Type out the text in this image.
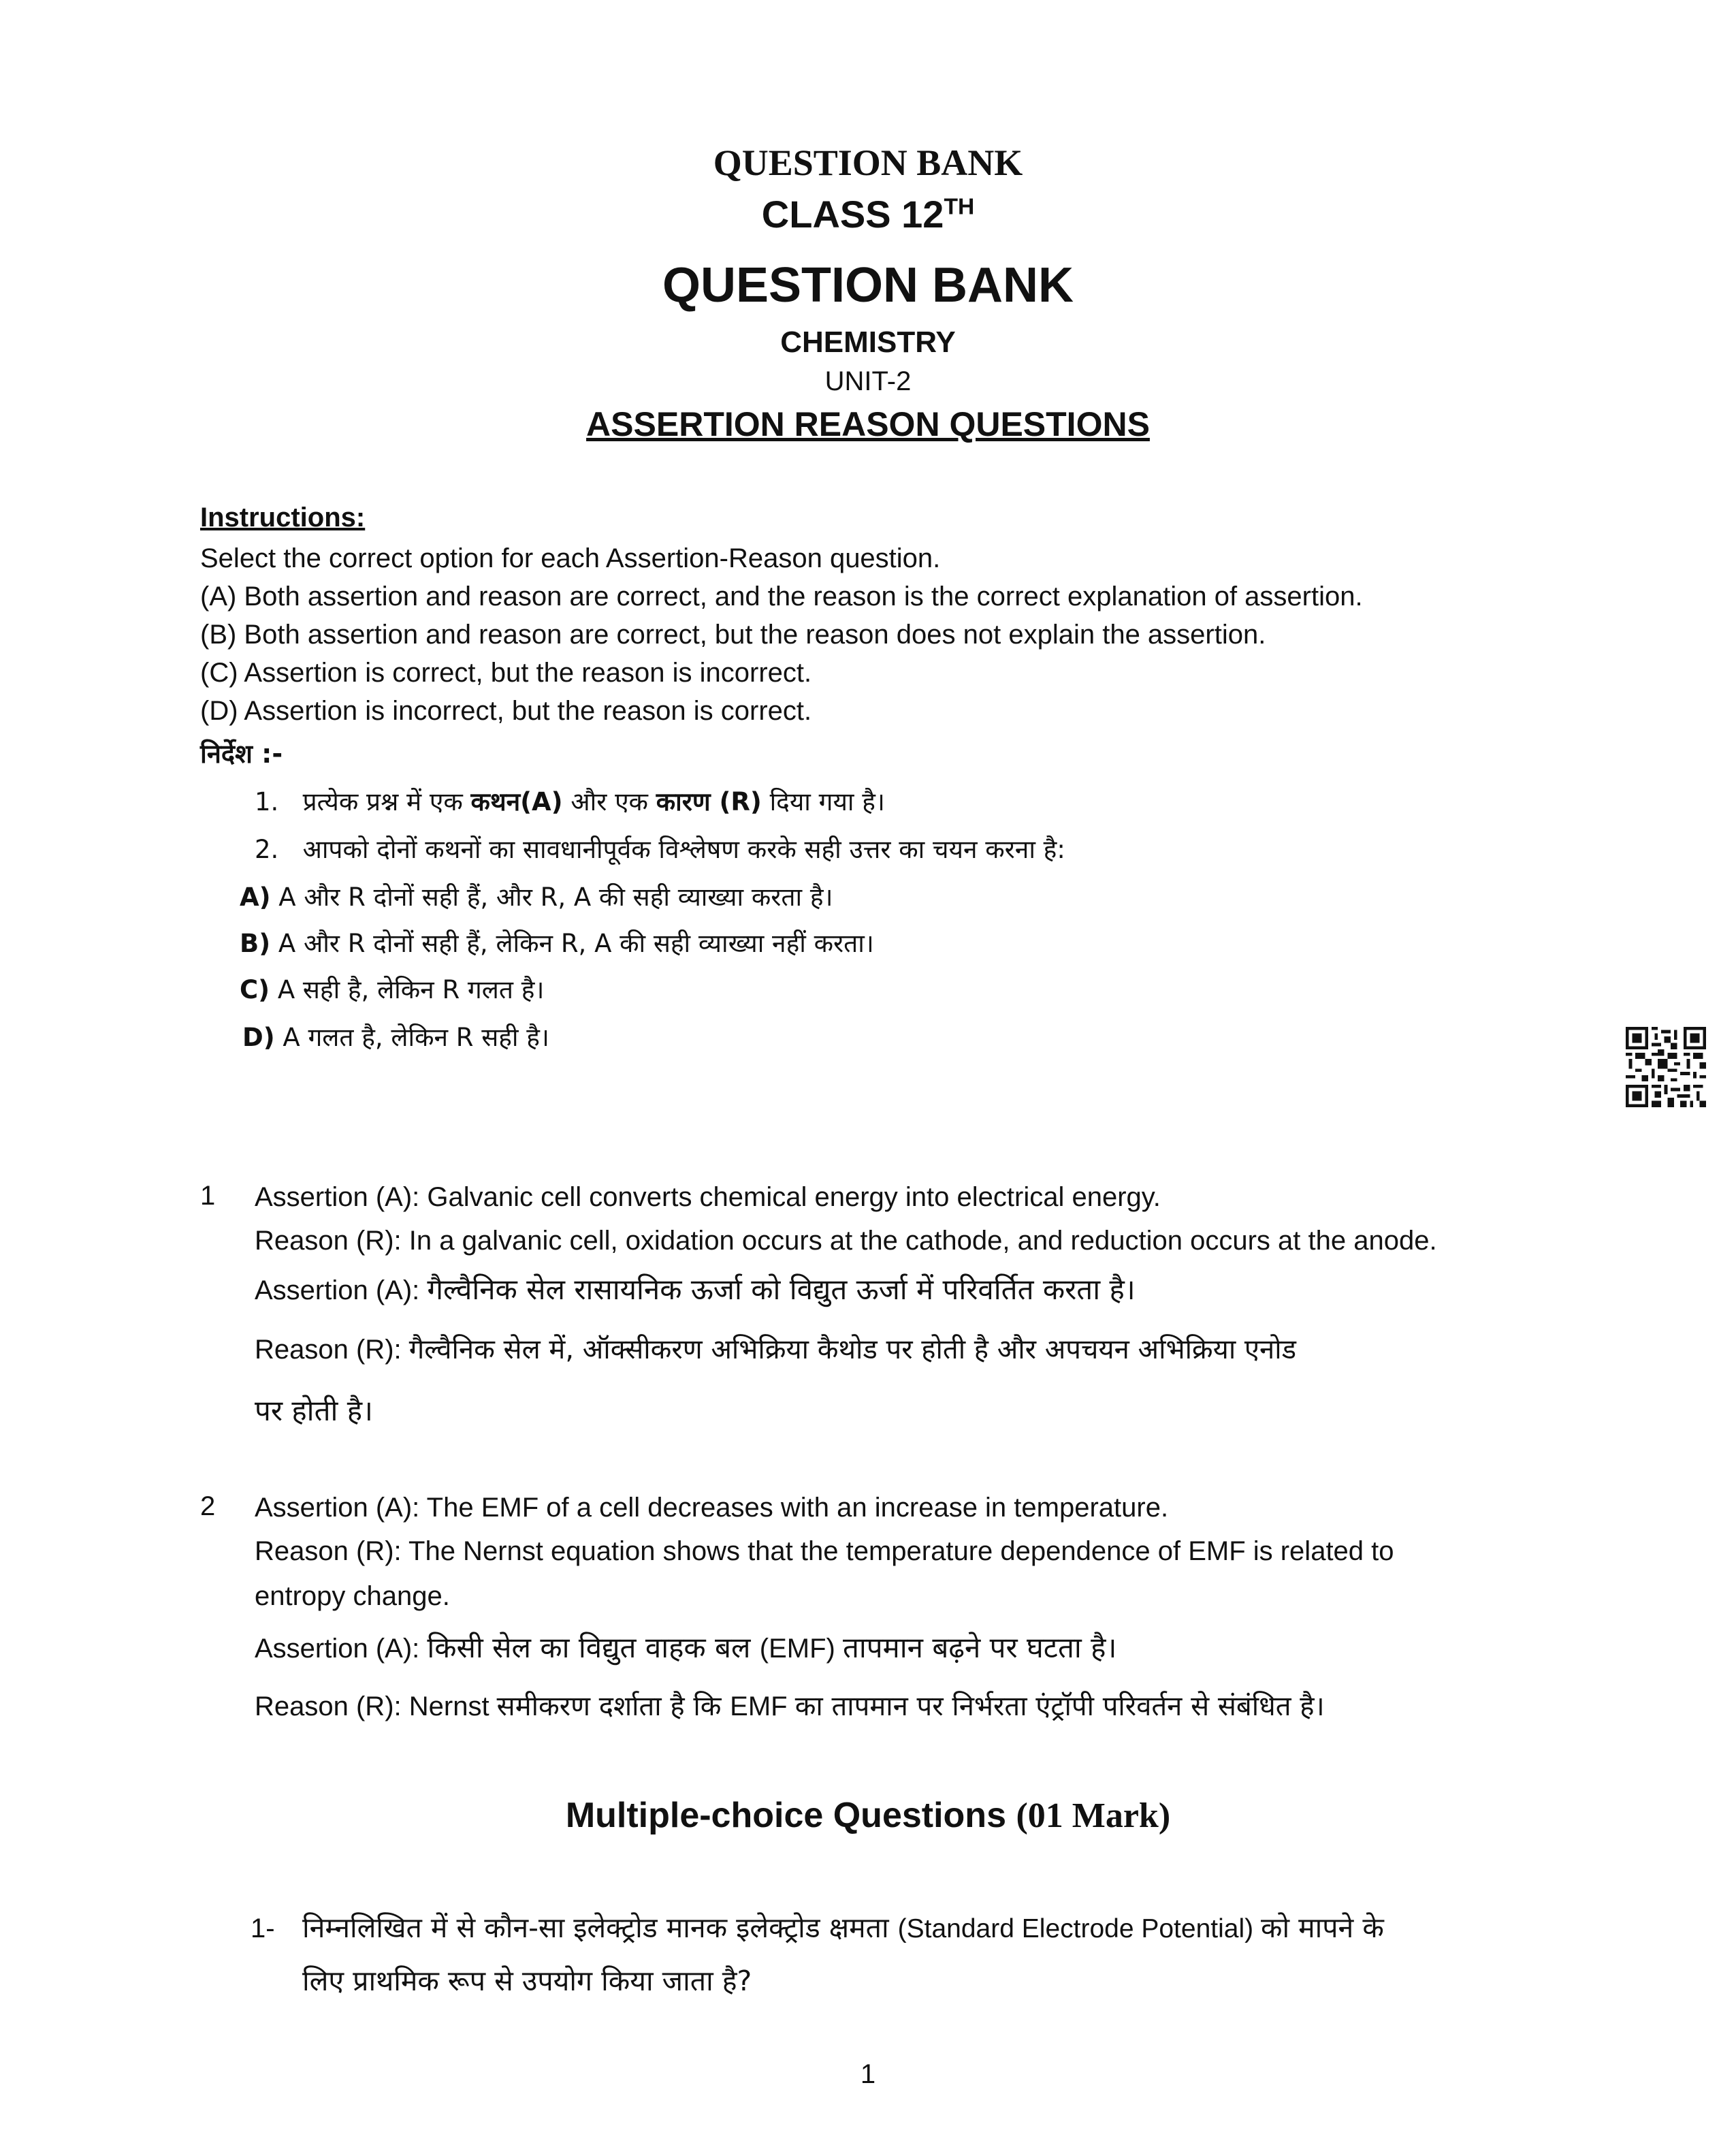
QUESTION BANK
CLASS 12TH
QUESTION BANK
CHEMISTRY
UNIT-2
ASSERTION REASON QUESTIONS
Instructions:
Select the correct option for each Assertion-Reason question.
(A) Both assertion and reason are correct, and the reason is the correct explanation of assertion.
(B) Both assertion and reason are correct, but the reason does not explain the assertion.
(C) Assertion is correct, but the reason is incorrect.
(D) Assertion is incorrect, but the reason is correct.
निर्देश :-
1. प्रत्येक प्रश्न में एक कथन(A) और एक कारण (R) दिया गया है।
2. आपको दोनों कथनों का सावधानीपूर्वक विश्लेषण करके सही उत्तर का चयन करना है:
A) A और R दोनों सही हैं, और R, A की सही व्याख्या करता है।
B) A और R दोनों सही हैं, लेकिन R, A की सही व्याख्या नहीं करता।
C) A सही है, लेकिन R गलत है।
D) A गलत है, लेकिन R सही है।
1 Assertion (A): Galvanic cell converts chemical energy into electrical energy.
Reason (R): In a galvanic cell, oxidation occurs at the cathode, and reduction occurs at the anode.
Assertion (A): गैल्वैनिक सेल रासायनिक ऊर्जा को विद्युत ऊर्जा में परिवर्तित करता है।
Reason (R): गैल्वैनिक सेल में, ऑक्सीकरण अभिक्रिया कैथोड पर होती है और अपचयन अभिक्रिया एनोड
पर होती है।
2 Assertion (A): The EMF of a cell decreases with an increase in temperature.
Reason (R): The Nernst equation shows that the temperature dependence of EMF is related to
entropy change.
Assertion (A): किसी सेल का विद्युत वाहक बल (EMF) तापमान बढ़ने पर घटता है।
Reason (R): Nernst समीकरण दर्शाता है कि EMF का तापमान पर निर्भरता एंट्रॉपी परिवर्तन से संबंधित है।
Multiple-choice Questions (01 Mark)
1- निम्नलिखित में से कौन-सा इलेक्ट्रोड मानक इलेक्ट्रोड क्षमता (Standard Electrode Potential) को मापने के
लिए प्राथमिक रूप से उपयोग किया जाता है?
1
